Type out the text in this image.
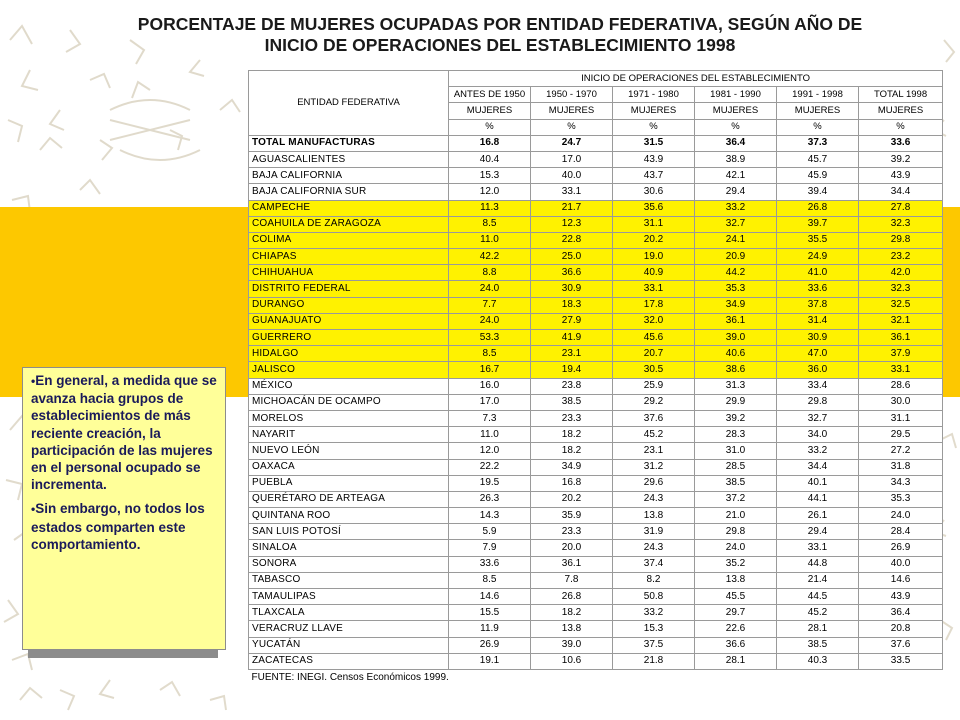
PORCENTAJE DE MUJERES OCUPADAS POR ENTIDAD FEDERATIVA, SEGÚN AÑO DE
INICIO DE OPERACIONES DEL ESTABLECIMIENTO 1998
ENTIDAD FEDERATIVA	INICIO DE OPERACIONES DEL ESTABLECIMIENTO					
	ANTES DE 1950	1950 - 1970	1971 - 1980	1981 - 1990	1991 - 1998	TOTAL 1998
	MUJERES	MUJERES	MUJERES	MUJERES	MUJERES	MUJERES
	%	%	%	%	%	%
TOTAL MANUFACTURAS	16.8	24.7	31.5	36.4	37.3	33.6
AGUASCALIENTES	40.4	17.0	43.9	38.9	45.7	39.2
BAJA CALIFORNIA	15.3	40.0	43.7	42.1	45.9	43.9
BAJA CALIFORNIA SUR	12.0	33.1	30.6	29.4	39.4	34.4
CAMPECHE	11.3	21.7	35.6	33.2	26.8	27.8
COAHUILA DE ZARAGOZA	8.5	12.3	31.1	32.7	39.7	32.3
COLIMA	11.0	22.8	20.2	24.1	35.5	29.8
CHIAPAS	42.2	25.0	19.0	20.9	24.9	23.2
CHIHUAHUA	8.8	36.6	40.9	44.2	41.0	42.0
DISTRITO FEDERAL	24.0	30.9	33.1	35.3	33.6	32.3
DURANGO	7.7	18.3	17.8	34.9	37.8	32.5
GUANAJUATO	24.0	27.9	32.0	36.1	31.4	32.1
GUERRERO	53.3	41.9	45.6	39.0	30.9	36.1
HIDALGO	8.5	23.1	20.7	40.6	47.0	37.9
JALISCO	16.7	19.4	30.5	38.6	36.0	33.1
MÉXICO	16.0	23.8	25.9	31.3	33.4	28.6
MICHOACÁN DE OCAMPO	17.0	38.5	29.2	29.9	29.8	30.0
MORELOS	7.3	23.3	37.6	39.2	32.7	31.1
NAYARIT	11.0	18.2	45.2	28.3	34.0	29.5
NUEVO LEÓN	12.0	18.2	23.1	31.0	33.2	27.2
OAXACA	22.2	34.9	31.2	28.5	34.4	31.8
PUEBLA	19.5	16.8	29.6	38.5	40.1	34.3
QUERÉTARO DE ARTEAGA	26.3	20.2	24.3	37.2	44.1	35.3
QUINTANA ROO	14.3	35.9	13.8	21.0	26.1	24.0
SAN LUIS POTOSÍ	5.9	23.3	31.9	29.8	29.4	28.4
SINALOA	7.9	20.0	24.3	24.0	33.1	26.9
SONORA	33.6	36.1	37.4	35.2	44.8	40.0
TABASCO	8.5	7.8	8.2	13.8	21.4	14.6
TAMAULIPAS	14.6	26.8	50.8	45.5	44.5	43.9
TLAXCALA	15.5	18.2	33.2	29.7	45.2	36.4
VERACRUZ LLAVE	11.9	13.8	15.3	22.6	28.1	20.8
YUCATÁN	26.9	39.0	37.5	36.6	38.5	37.6
ZACATECAS	19.1	10.6	21.8	28.1	40.3	33.5
FUENTE: INEGI. Censos Económicos 1999.						
•En general, a medida que se avanza hacia grupos de establecimientos de más reciente creación, la participación de las mujeres en el personal ocupado se incrementa.
•Sin embargo, no todos los estados comparten este comportamiento.
